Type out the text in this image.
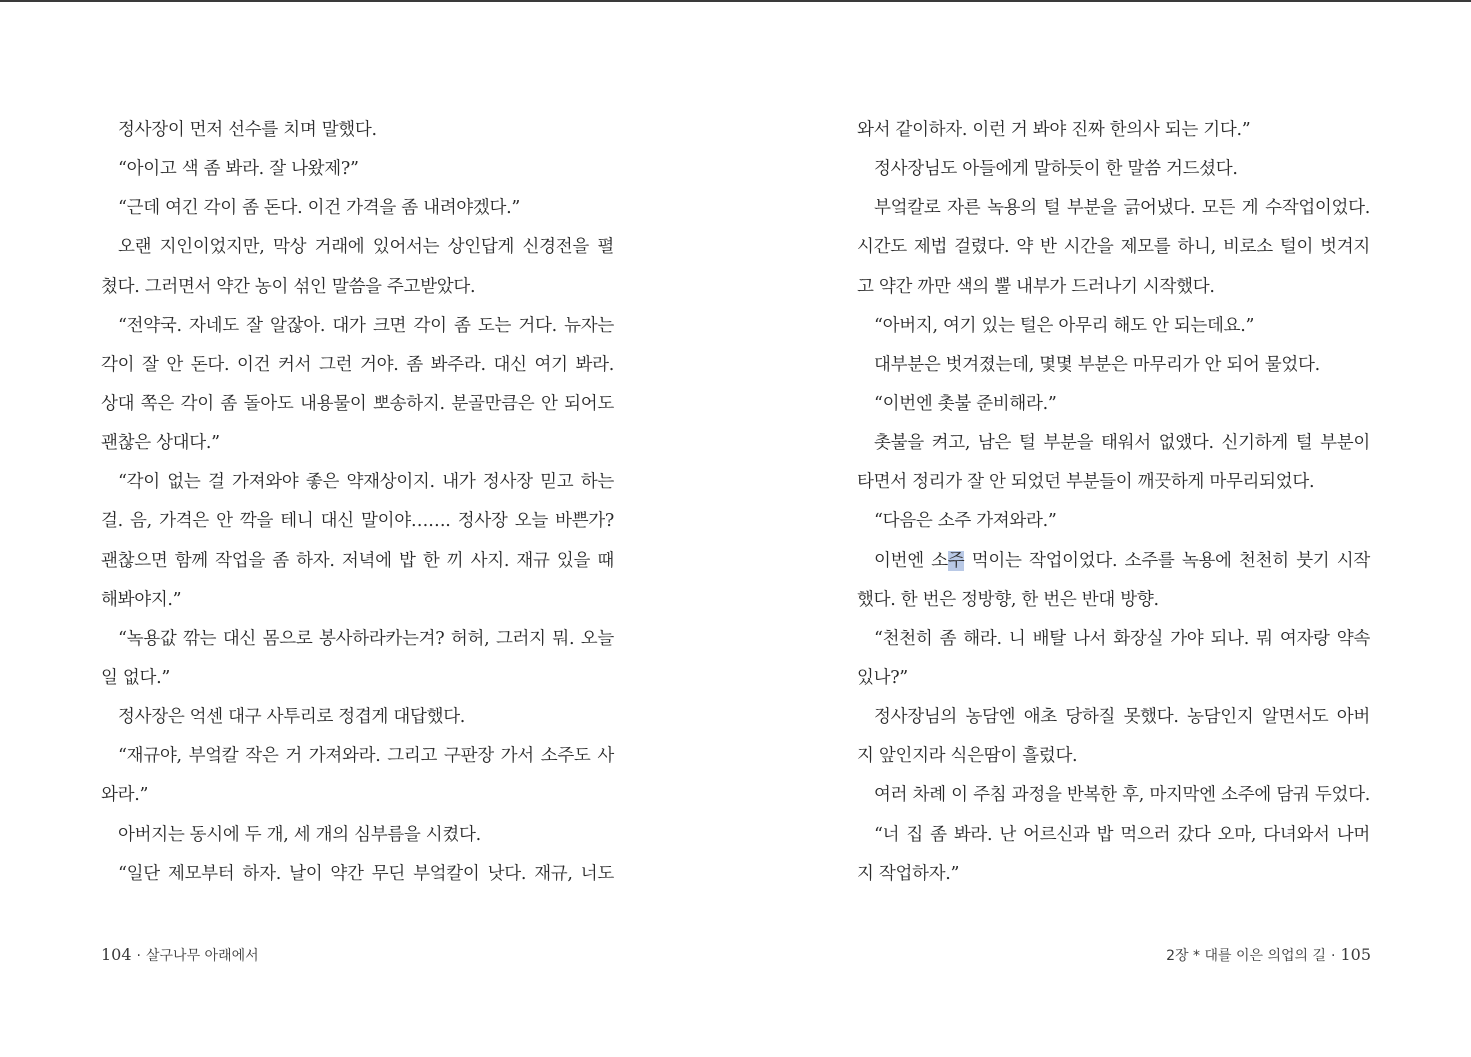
정사장이 먼저 선수를 치며 말했다.
“아이고 색 좀 봐라. 잘 나왔제?”
“근데 여긴 각이 좀 돈다. 이건 가격을 좀 내려야겠다.”
오랜 지인이었지만, 막상 거래에 있어서는 상인답게 신경전을 펼
쳤다. 그러면서 약간 농이 섞인 말씀을 주고받았다.
“전약국. 자네도 잘 알잖아. 대가 크면 각이 좀 도는 거다. 뉴자는
각이 잘 안 돈다. 이건 커서 그런 거야. 좀 봐주라. 대신 여기 봐라.
상대 쪽은 각이 좀 돌아도 내용물이 뽀송하지. 분골만큼은 안 되어도
괜찮은 상대다.”
“각이 없는 걸 가져와야 좋은 약재상이지. 내가 정사장 믿고 하는
걸. 음, 가격은 안 깍을 테니 대신 말이야……. 정사장 오늘 바쁜가?
괜찮으면 함께 작업을 좀 하자. 저녁에 밥 한 끼 사지. 재규 있을 때
해봐야지.”
“녹용값 깎는 대신 몸으로 봉사하라카는겨? 허허, 그러지 뭐. 오늘
일 없다.”
정사장은 억센 대구 사투리로 정겹게 대답했다.
“재규야, 부엌칼 작은 거 가져와라. 그리고 구판장 가서 소주도 사
와라.”
아버지는 동시에 두 개, 세 개의 심부름을 시켰다.
“일단 제모부터 하자. 날이 약간 무딘 부엌칼이 낫다. 재규, 너도
와서 같이하자. 이런 거 봐야 진짜 한의사 되는 기다.”
정사장님도 아들에게 말하듯이 한 말씀 거드셨다.
부엌칼로 자른 녹용의 털 부분을 긁어냈다. 모든 게 수작업이었다.
시간도 제법 걸렸다. 약 반 시간을 제모를 하니, 비로소 털이 벗겨지
고 약간 까만 색의 뿔 내부가 드러나기 시작했다.
“아버지, 여기 있는 털은 아무리 해도 안 되는데요.”
대부분은 벗겨졌는데, 몇몇 부분은 마무리가 안 되어 물었다.
“이번엔 촛불 준비해라.”
촛불을 켜고, 남은 털 부분을 태워서 없앴다. 신기하게 털 부분이
타면서 정리가 잘 안 되었던 부분들이 깨끗하게 마무리되었다.
“다음은 소주 가져와라.”
이번엔 소주 먹이는 작업이었다. 소주를 녹용에 천천히 붓기 시작
했다. 한 번은 정방향, 한 번은 반대 방향.
“천천히 좀 해라. 니 배탈 나서 화장실 가야 되나. 뭐 여자랑 약속
있나?”
정사장님의 농담엔 애초 당하질 못했다. 농담인지 알면서도 아버
지 앞인지라 식은땀이 흘렀다.
여러 차례 이 주침 과정을 반복한 후, 마지막엔 소주에 담궈 두었다.
“너 집 좀 봐라. 난 어르신과 밥 먹으러 갔다 오마, 다녀와서 나머
지 작업하자.”
104 · 살구나무 아래에서	2장 * 대를 이은 의업의 길 · 105
